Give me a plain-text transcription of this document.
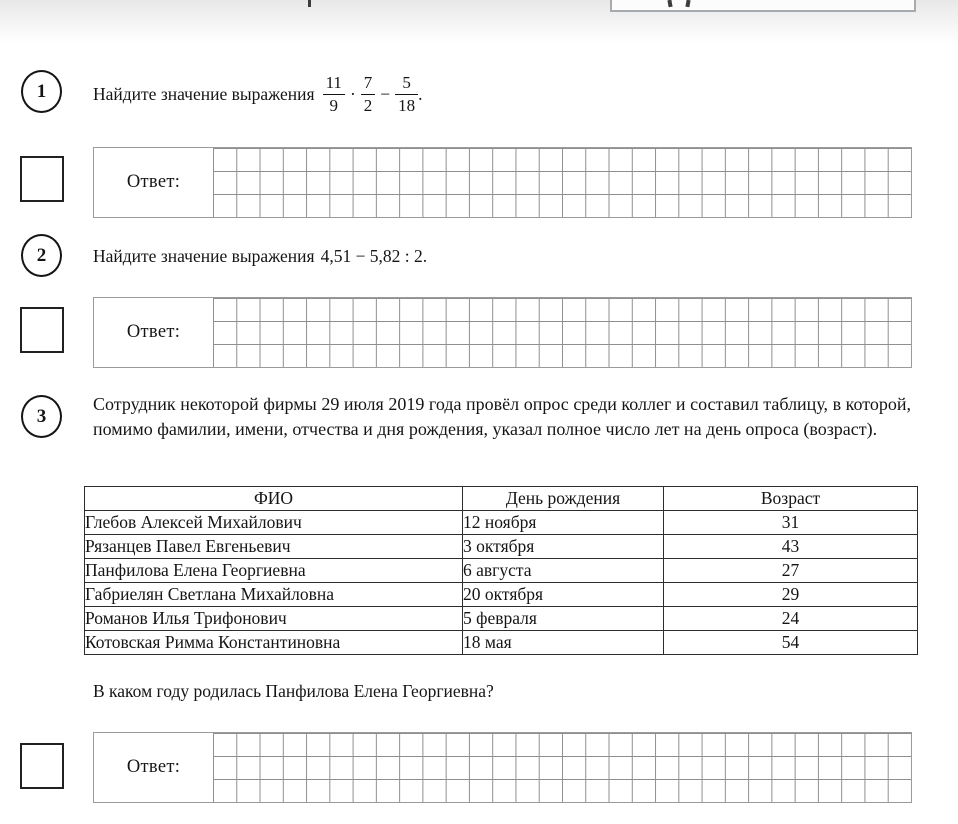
1	Найдите значение выражения $\frac{11}{9} \cdot \frac{7}{2} - \frac{5}{18}$ .
Ответ:
2	Найдите значение выражения 4,51 − 5,82 : 2.
Ответ:
3
Сотрудник некоторой фирмы 29 июля 2019 года провёл опрос среди коллег и составил таблицу, в которой, помимо фамилии, имени, отчества и дня рождения, указал полное число лет на день опроса (возраст).
ФИО	День рождения	Возраст
Глебов Алексей Михайлович	12 ноября	31
Рязанцев Павел Евгеньевич	3 октября	43
Панфилова Елена Георгиевна	6 августа	27
Габриелян Светлана Михайловна	20 октября	29
Романов Илья Трифонович	5 февраля	24
Котовская Римма Константиновна	18 мая	54
В каком году родилась Панфилова Елена Георгиевна?
Ответ:
